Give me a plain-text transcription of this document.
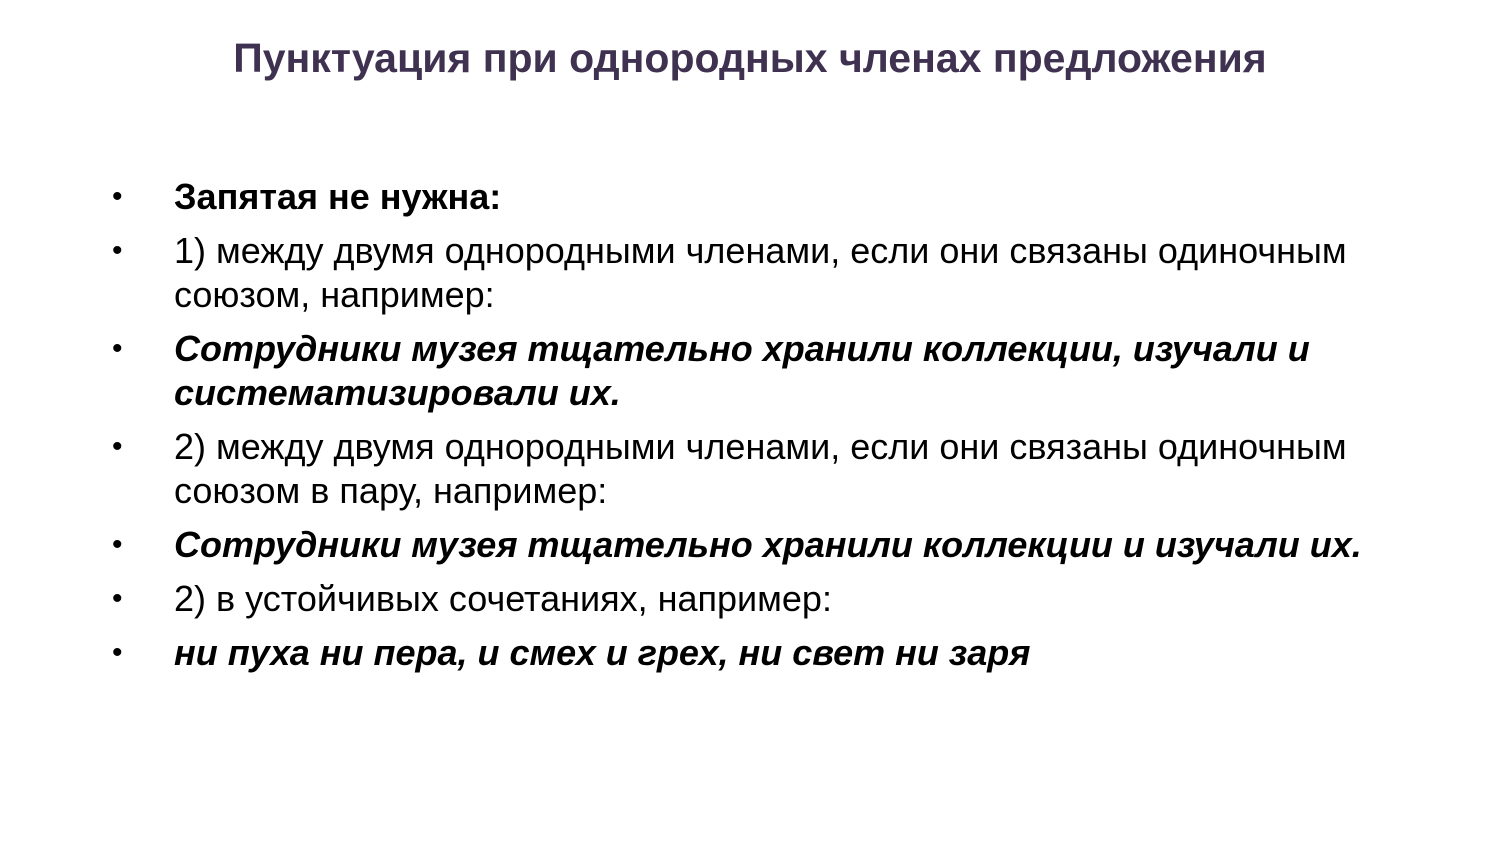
Пунктуация при однородных членах предложения
•	Запятая не нужна:
•	1) между двумя однородными членами, если они связаны одиночным союзом, например:
•	Сотрудники музея тщательно хранили коллекции, изучали и систематизировали их.
•	2) между двумя однородными членами, если они связаны одиночным союзом в пару, например:
•	Сотрудники музея тщательно хранили коллекции и изучали их.
•	2) в устойчивых сочетаниях, например:
•	ни пуха ни пера, и смех и грех, ни свет ни заря
